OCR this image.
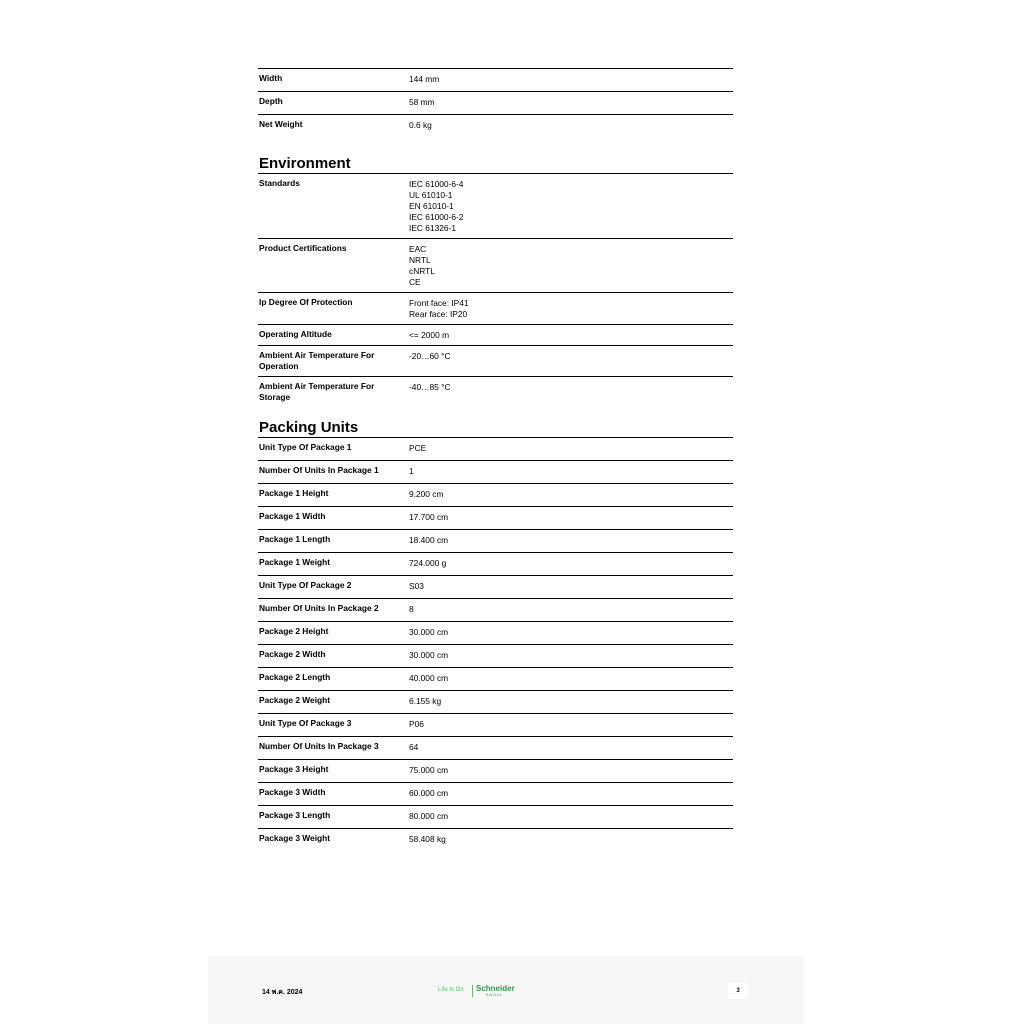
Width	144 mm
Depth	58 mm
Net Weight	0.6 kg
Environment
Standards	IEC 61000-6-4
UL 61010-1
EN 61010-1
IEC 61000-6-2
IEC 61326-1

Product Certifications	EAC
NRTL
cNRTL
CE

Ip Degree Of Protection	Front face: IP41
Rear face: IP20

Operating Altitude	<= 2000 m

Ambient Air Temperature For Operation	-20…60 °C

Ambient Air Temperature For Storage	-40…85 °C
Packing Units
Unit Type Of Package 1	PCE
Number Of Units In Package 1	1
Package 1 Height	9.200 cm
Package 1 Width	17.700 cm
Package 1 Length	18.400 cm
Package 1 Weight	724.000 g
Unit Type Of Package 2	S03
Number Of Units In Package 2	8
Package 2 Height	30.000 cm
Package 2 Width	30.000 cm
Package 2 Length	40.000 cm
Package 2 Weight	6.155 kg
Unit Type Of Package 3	P06
Number Of Units In Package 3	64
Package 3 Height	75.000 cm
Package 3 Width	60.000 cm
Package 3 Length	80.000 cm
Package 3 Weight	58.408 kg
14 พ.ค. 2024	Life Is On Schneider
Electric
3
